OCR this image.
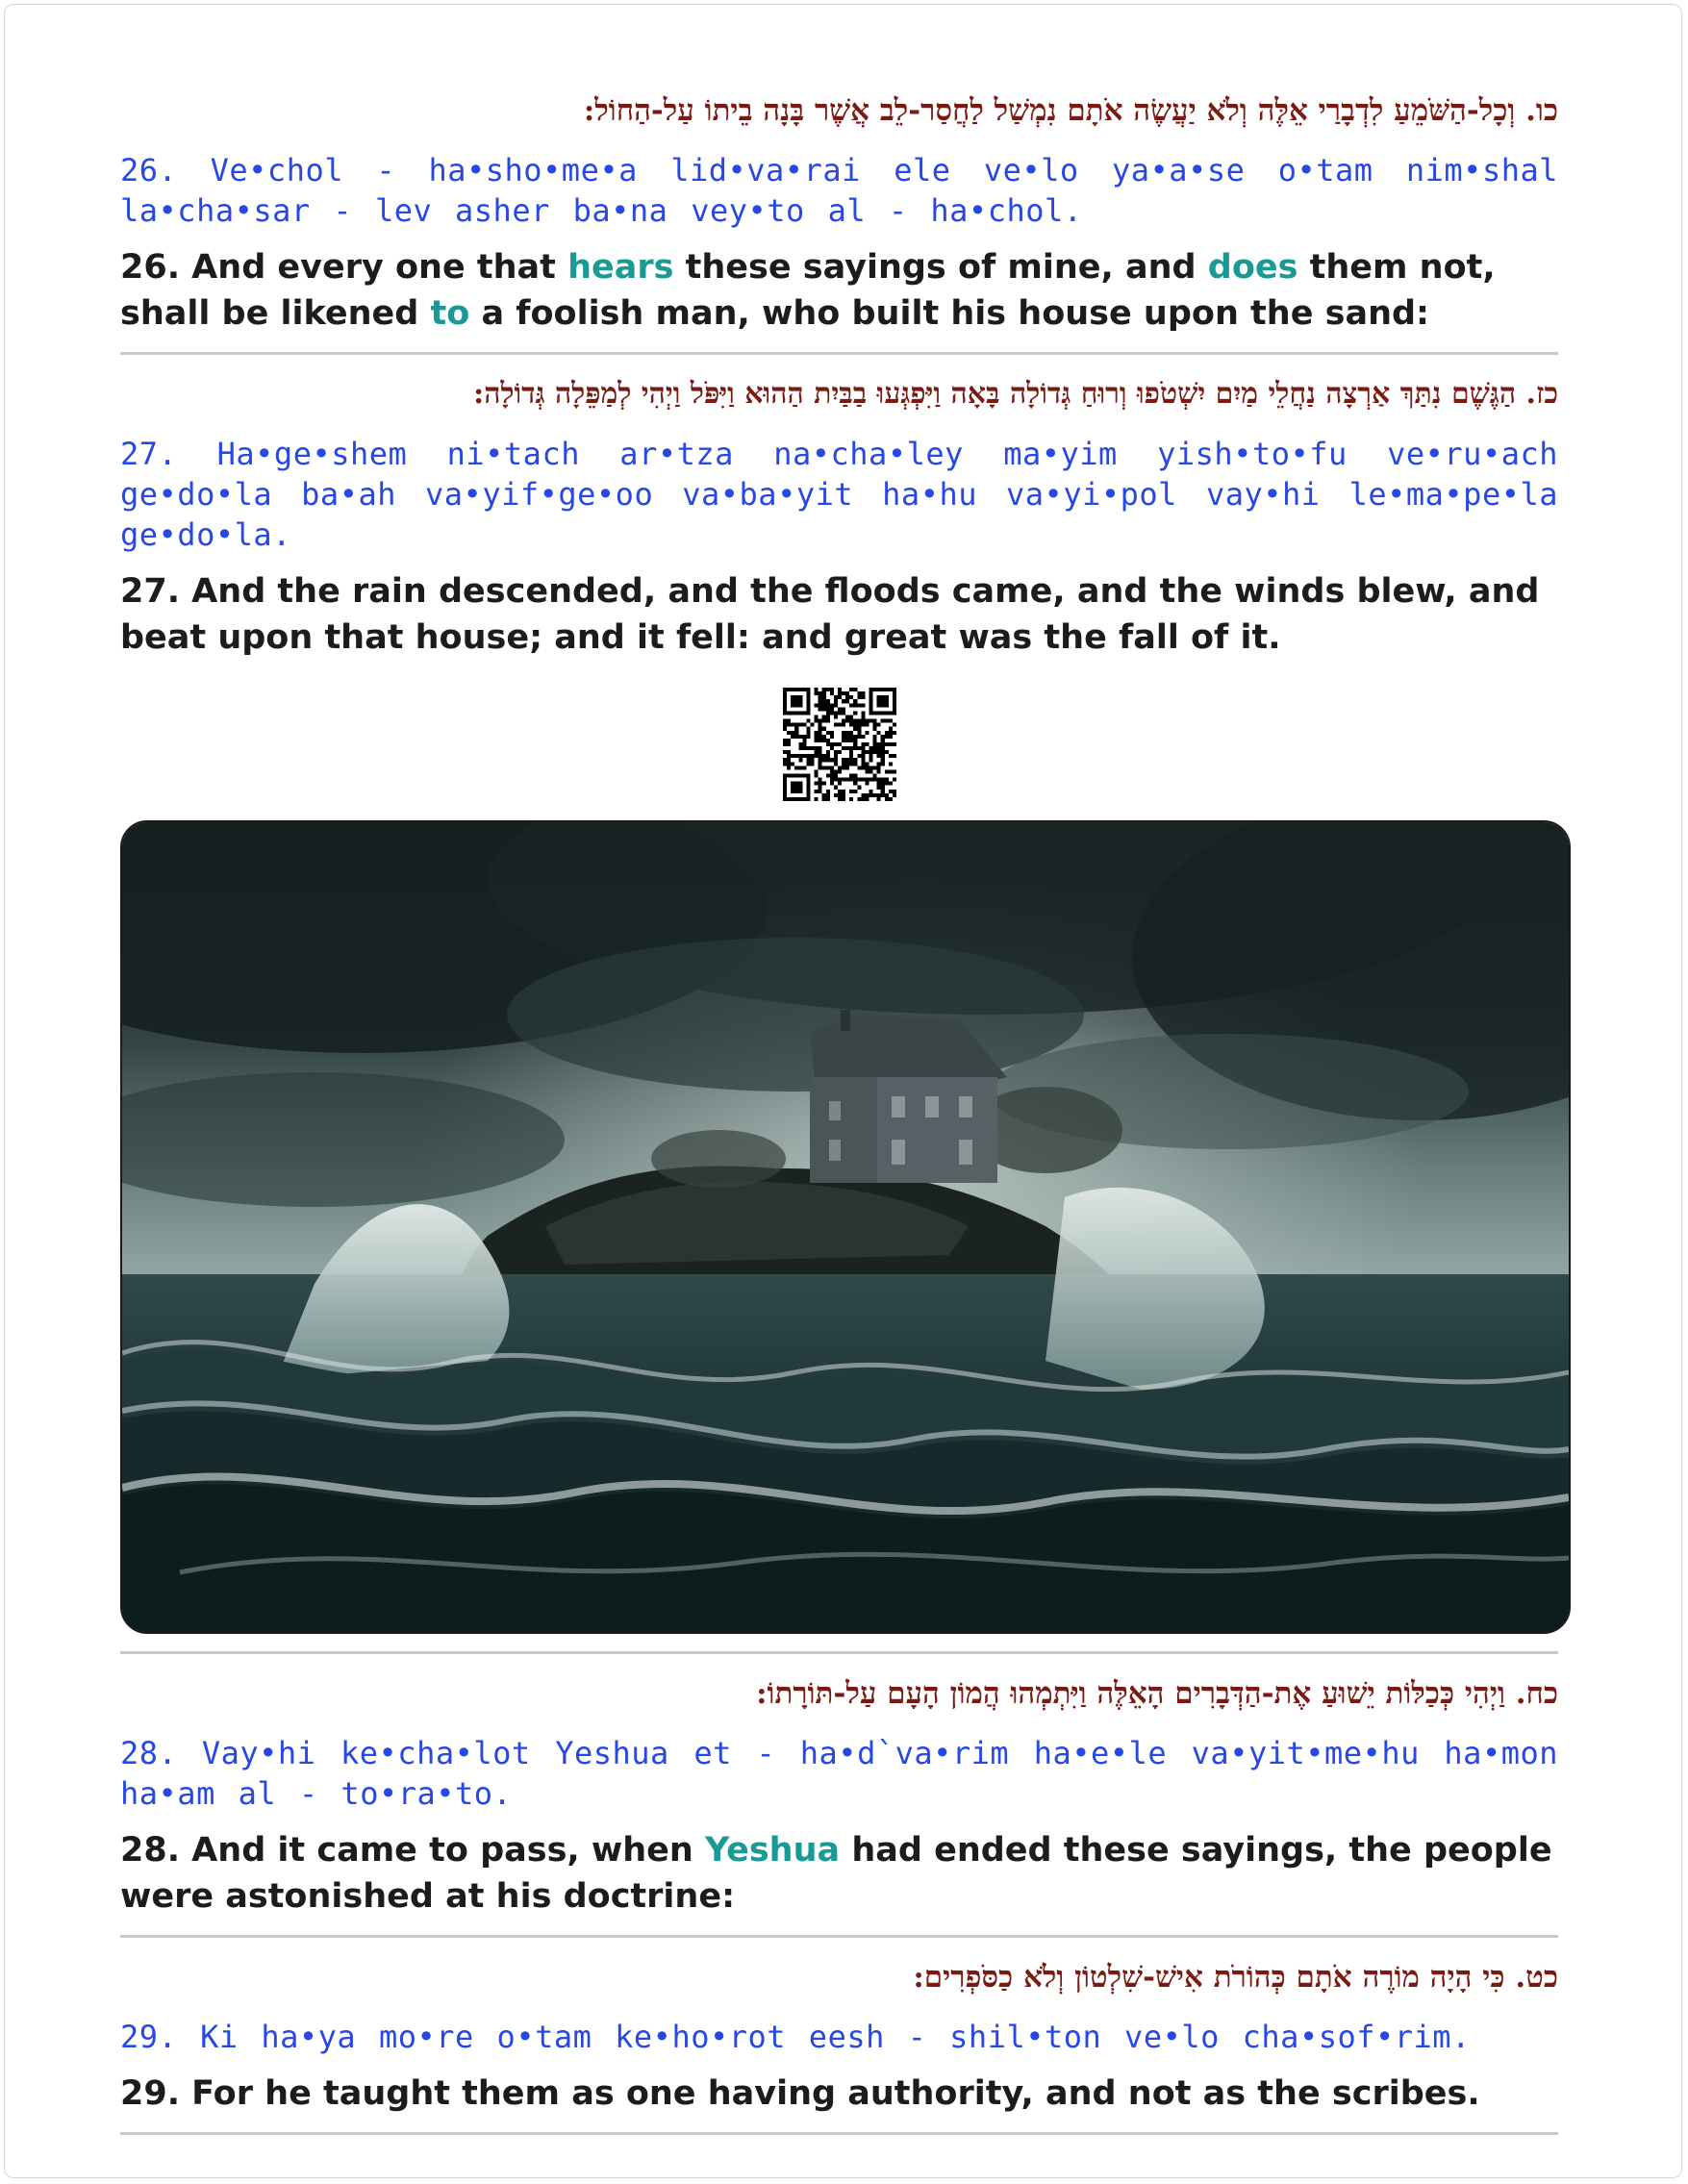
כו. וְכָל-הַשֹּׁמֵעַ לִדְבָרַי אֵלֶּה וְלֹא יַעֲשֶׂה אֹתָם נִמְשַׁל לַחֲסַר-לֵב אֲשֶׁר בָּנָה בֵיתוֹ עַל-הַחוֹל:

26. Ve•chol - ha•sho•me•a lid•va•rai ele ve•lo ya•a•se o•tam nim•shal la•cha•sar - lev asher ba•na vey•to al - ha•chol.

26. And every one that hears these sayings of mine, and does them not, shall be likened to a foolish man, who built his house upon the sand:

כז. הַגֶּשֶׁם נִתַּךְ אַרְצָה נַחֲלֵי מַיִם יִשְׁטֹפוּ וְרוּחַ גְּדוֹלָה בָּאָה וַיִּפְגְּעוּ בַבַּיִת הַהוּא וַיִּפֹּל וַיְהִי לְמַפֵּלָה גְּדוֹלָה:

27. Ha•ge•shem ni•tach ar•tza na•cha•ley ma•yim yish•to•fu ve•ru•ach ge•do•la ba•ah va•yif•ge•oo va•ba•yit ha•hu va•yi•pol vay•hi le•ma•pe•la ge•do•la.

27. And the rain descended, and the floods came, and the winds blew, and beat upon that house; and it fell: and great was the fall of it.

כח. וַיְהִי כְּכַלּוֹת יֵשׁוּעַ אֶת-הַדְּבָרִים הָאֵלֶּה וַיִּתְמְהוּ הֲמוֹן הָעָם עַל-תּוֹרָתוֹ:

28. Vay•hi ke•cha•lot Yeshua et - ha•d`va•rim ha•e•le va•yit•me•hu ha•mon ha•am al - to•ra•to.

28. And it came to pass, when Yeshua had ended these sayings, the people were astonished at his doctrine:

כט. כִּי הָיָה מוֹרֶה אֹתָם כְּהוֹרֹת אִישׁ-שִׁלְטוֹן וְלֹא כַסֹּפְרִים:

29. Ki ha•ya mo•re o•tam ke•ho•rot eesh - shil•ton ve•lo cha•sof•rim.

29. For he taught them as one having authority, and not as the scribes.
